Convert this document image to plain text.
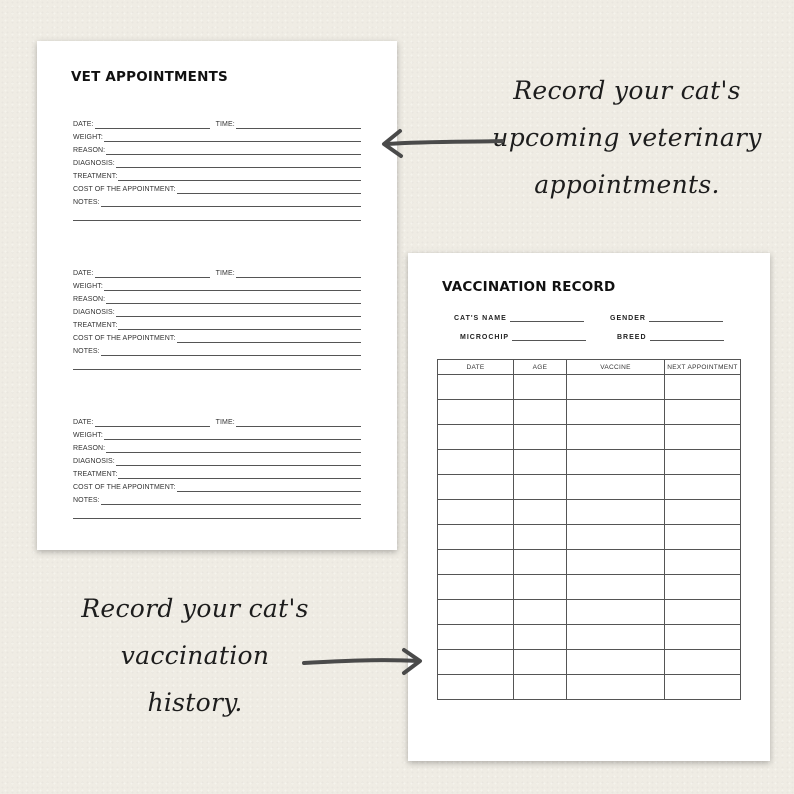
VET APPOINTMENTS
DATE:	TIME:
WEIGHT:
REASON:
DIAGNOSIS:
TREATMENT:
COST OF THE APPOINTMENT:
NOTES:
DATE:	TIME:
WEIGHT:
REASON:
DIAGNOSIS:
TREATMENT:
COST OF THE APPOINTMENT:
NOTES:
DATE:	TIME:
WEIGHT:
REASON:
DIAGNOSIS:
TREATMENT:
COST OF THE APPOINTMENT:
NOTES:
VACCINATION RECORD
CAT'S NAME	GENDER
MICROCHIP	BREED
DATE	AGE	VACCINE	NEXT APPOINTMENT

Record your cat's
upcoming veterinary
appointments.
Record your cat's
vaccination
history.
